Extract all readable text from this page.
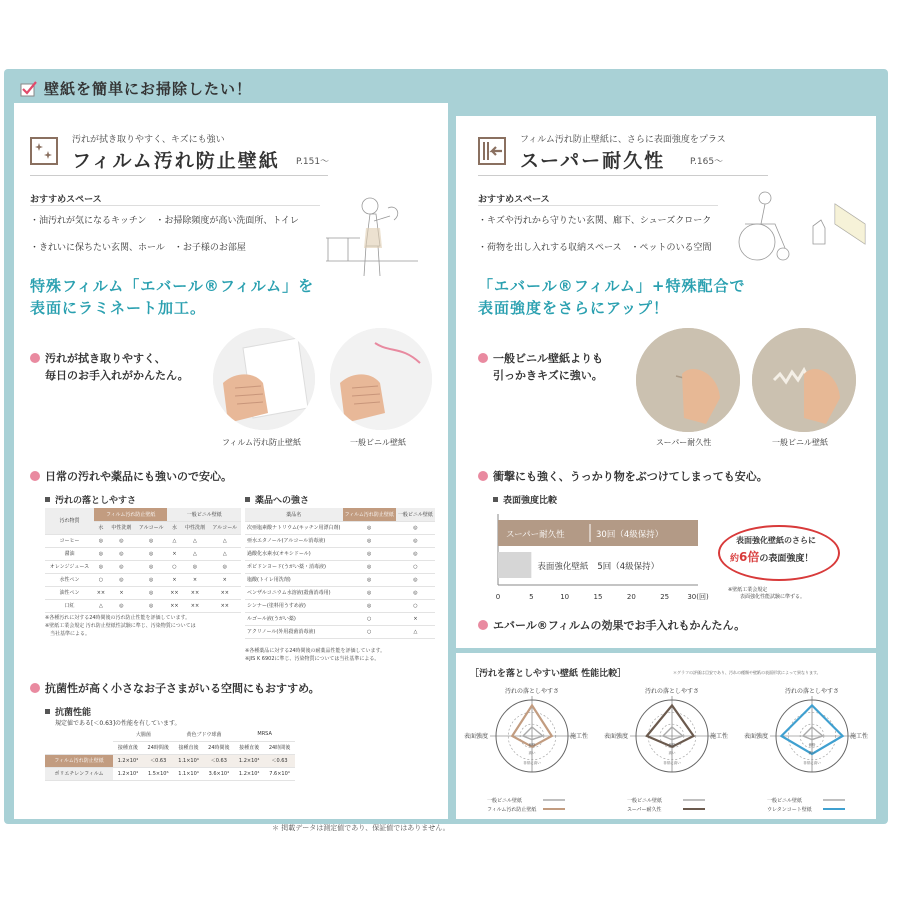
壁紙を簡単にお掃除したい！
汚れが拭き取りやすく、キズにも強い
フィルム汚れ防止壁紙 P.151〜
おすすめスペース
・油汚れが気になるキッチン　・お掃除頻度が高い洗面所、トイレ
・きれいに保ちたい玄関、ホール　・お子様のお部屋
特殊フィルム「エバール®フィルム」を
表面にラミネート加工。
汚れが拭き取りやすく、
毎日のお手入れがかんたん。
フィルム汚れ防止壁紙	一般ビニル壁紙
日常の汚れや薬品にも強いので安心。
汚れの落としやすさ	薬品への強さ
汚れ物質	フィルム汚れ防止壁紙			一般ビニル壁紙		
	水	中性洗剤	アルコール	水	中性洗剤	アルコール
コーヒー	◎	◎	◎	△	△	△
醤油	◎	◎	◎	×	△	△
オレンジジュース	◎	◎	◎	○	◎	◎
水性ペン	○	◎	◎	×	×	×
油性ペン	××	×	◎	××	××	××
口紅	△	◎	◎	××	××	××
※各種汚れに対する24時間後の汚れ防止性能を評価しています。
※壁紙工業会規定 汚れ防止壁紙性試験に準じ、汚染物質については
　当社基準による。
薬品名	フィルム汚れ防止壁紙	一般ビニル壁紙
次亜塩素酸ナトリウム(キッチン用漂白剤)	◎	◎
亜水エタノール(アルコール消毒液)	◎	◎
過酸化水素水(オキシドール)	◎	◎
ポビドンヨード(うがい薬・消毒液)	◎	○
塩酸(トイレ用洗剤)	◎	◎
ベンザルコニウム水溶液(殺菌消毒用)	◎	◎
シンナー(塗料用うすめ液)	◎	○
ルゴール液(うがい薬)	○	×
アクリノール(外用殺菌消毒液)	○	△
※各種薬品に対する24時間後の耐薬品性能を評価しています。
※JIS K 6902に準じ、汚染物質については当社基準による。
抗菌性が高く小さなお子さまがいる空間にもおすすめ。
抗菌性能
規定値である[＜0.63]の性能を有しています。
	大腸菌		黄色ブドウ球菌		MRSA	
	接種直後	24時間後	接種直後	24時間後	接種直後	24時間後
フィルム汚れ防止壁紙	1.2×10⁴	＜0.63	1.1×10⁴	＜0.63	1.2×10⁴	＜0.63
ポリエチレンフィルム	1.2×10⁴	1.5×10⁶	1.1×10⁴	3.6×10⁴	1.2×10⁴	7.6×10⁴
フィルム汚れ防止壁紙に、さらに表面強度をプラス
スーパー耐久性	P.165〜
おすすめスペース
・キズや汚れから守りたい玄関、廊下、シューズクローク
・荷物を出し入れする収納スペース　・ペットのいる空間
「エバール®フィルム」+特殊配合で
表面強度をさらにアップ！
一般ビニル壁紙よりも
引っかきキズに強い。
スーパー耐久性	一般ビニル壁紙
衝撃にも強く、うっかり物をぶつけてしまっても安心。
表面強度比較
スーパー耐久性	30回（4級保持）
表面強化壁紙 5回（4級保持）
0	5	10	15	20	25	30(回)
表面強化壁紙のさらに
約6倍の表面強度！
※壁紙工業会規定
表面強化性能試験に準ずる。
エバール®フィルムの効果でお手入れもかんたん。
［汚れを落としやすい壁紙 性能比較］	＊グラフの評価は目安であり、汚れの種類や壁紙の表面形状によって異なります。
汚れの落としやすさ
表面強度	施工性
価格
高い
非常に高い
一般ビニル壁紙
フィルム汚れ防止壁紙
汚れの落としやすさ
表面強度	施工性
価格
高い
非常に高い
一般ビニル壁紙
スーパー耐久性
汚れの落としやすさ
表面強度	施工性
価格
高い
非常に高い
一般ビニル壁紙
ウレタンコート壁紙
＊ 掲載データは測定値であり、保証値ではありません。
